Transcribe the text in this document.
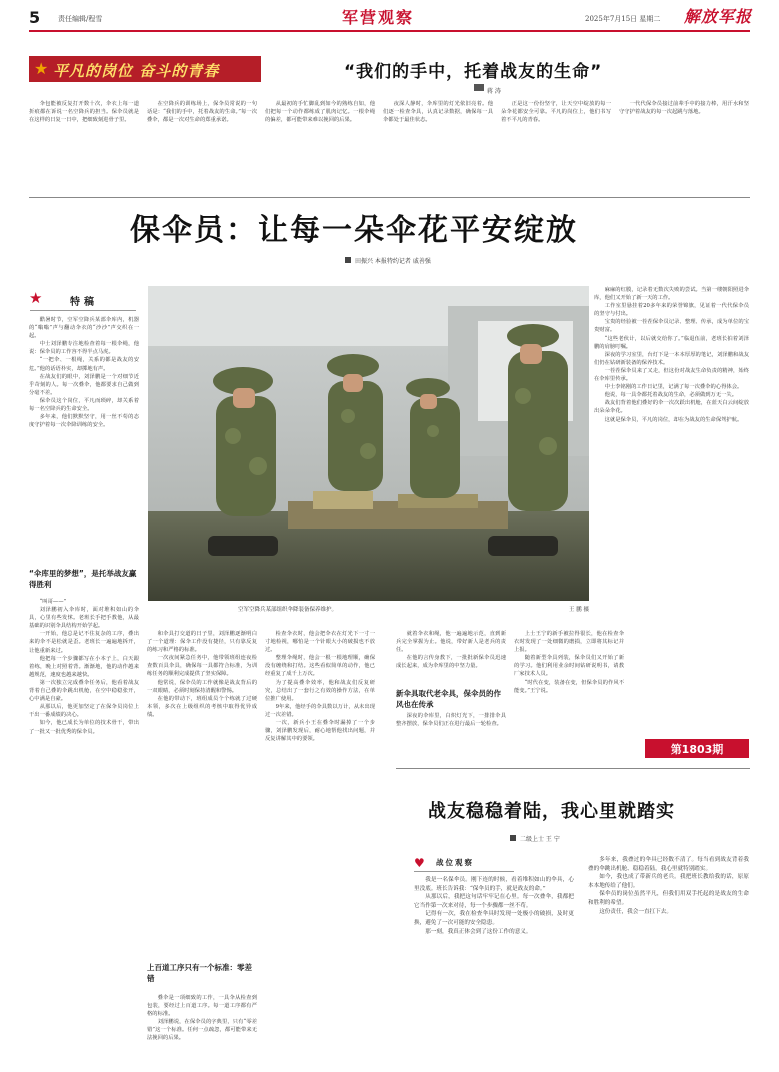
5	责任编辑/程雪	军营观察	2025年7月15日 星期二 解放军报
★ 平凡的岗位 奋斗的青春	“我们的手中，托着战友的生命”
蒋 涛

伞包能被反复打开数十次，伞衣上每一道折痕都在诉说一名空降兵的担当。保伞员就是在这样的日复一日中，把细致刻进骨子里。

在空降兵的训练场上，保伞员常说的一句话是：“我们的手中，托着战友的生命。”每一次叠伞，都是一次对生命的郑重承诺。

从最初的手忙脚乱到如今的熟练自如，他们把每一个动作都练成了肌肉记忆。一根伞绳的偏差，都可能带来难以挽回的后果。

夜深人静时，伞库里的灯光依旧亮着。他们逐一检查伞具，认真记录数据，确保每一具伞都处于最佳状态。

正是这一份份坚守，让天空中绽放的每一朵伞花都安全可靠。平凡的岗位上，他们书写着不平凡的青春。

一代代保伞员接过前辈手中的接力棒，用汗水和坚守守护着战友的每一次起跳与落地。

保伞员：让每一朵伞花平安绽放
田振兴 本报特约记者 戚善强
★	特稿

酷暑时节，空军空降兵某部伞库内，机器的“嗡嗡”声与翻动伞衣的“沙沙”声交织在一起。

中士刘泽鹏专注地检查着每一根伞绳，他说：保伞员的工作容不得半点马虎。

“一把伞、一根绳，关系的都是战友的安危。”他的话语朴实，却掷地有声。

在战友们的眼中，刘泽鹏是一个对细节近乎苛刻的人。每一次叠伞，他都要求自己做到分毫不差。

保伞员这个岗位，平凡而琐碎，却关系着每一名空降兵的生命安全。

多年来，他们默默坚守，用一丝不苟的态度守护着每一次伞降训练的安全。

“伞库里的梦想”，是托举战友赢得胜利

“叫哥——”

刘泽鹏初入伞库时，面对堆积如山的伞具，心里有些发怵。老班长手把手教他，从最基础的识别伞具结构开始学起。

一开始，他总是记不住复杂的工序，叠出来的伞不是松就是歪。老班长一遍遍地拆开，让他重新来过。

他把每一个步骤都写在小本子上，白天跟着练，晚上对照着背。渐渐地，他的动作越来越规范，速度也越来越快。

第一次独立完成叠伞任务后，他看着战友背着自己叠的伞跳出机舱，在空中稳稳张开，心中满是自豪。

从那以后，他更加坚定了在保伞员岗位上干出一番成绩的决心。

如今，他已成长为单位的技术骨干，带出了一批又一批优秀的保伞员。

空军空降兵某部组织伞降装备保养维护。	王 鹏 摄

和伞具打交道的日子里，刘泽鹏逐渐明白了一个道理：保伞工作没有捷径，只有靠反复的练习和严格的标准。

一次夜间紧急任务中，他带领班组连夜检查数百具伞具，确保每一具都符合标准，为训练任务的顺利完成提供了坚实保障。

他常说，保伞员的工作就像是战友背后的一双眼睛，必须时刻保持清醒和警惕。

在他的带动下，班组成员个个练就了过硬本领，多次在上级组织的考核中取得优异成绩。

上百道工序只有一个标准：零差错

叠伞是一项细致的工作，一具伞从检查到包装，要经过上百道工序。每一道工序都有严格的标准。

刘泽鹏说，在保伞员的字典里，只有“零差错”这一个标准。任何一点疏忽，都可能带来无法挽回的后果。

检查伞衣时，他会把伞衣在灯光下一寸一寸地检视，哪怕是一个针眼大小的破损也不放过。

整理伞绳时，他会一根一根地理顺，确保没有缠绕和打结。这些看似简单的动作，他已经重复了成千上万次。

为了提高叠伞效率，他和战友们反复研究，总结出了一套行之有效的操作方法，在单位推广使用。

9年来，他经手的伞具数以万计，从未出现过一次差错。

一次，新兵小王在叠伞时漏掉了一个步骤，刘泽鹏发现后，耐心地帮他找出问题，并反复讲解其中的要领。

就着伞衣和绳，他一遍遍地示范，直到新兵完全掌握为止。他说，带好新人是老兵的责任。

在他的言传身教下，一批批新保伞员迅速成长起来，成为伞库里的中坚力量。

新伞具取代老伞具，保伞员的作风也在传承

深夜的伞库里，白炽灯光下，一排排伞具整齐摆放，保伞员们正在进行最后一轮检查。

上士王宁的新手被拉得很长，他在检查伞衣时发现了一处细微的磨损，立即将其标记并上报。

随着新型伞具列装，保伞员们又开始了新的学习。他们利用业余时间钻研说明书，请教厂家技术人员。

“时代在变，装备在变，但保伞员的作风不能变。”王宁说。

麻麻的红膜，记录着无数次失败的尝试。当第一缕朝阳照进伞库，他们又开始了新一天的工作。

工作室里悬挂着20多年来的荣誉锦旗，见证着一代代保伞员的坚守与付出。

宝贵的经验被一茬茬保伞员记录、整理、传承，成为单位的宝贵财富。

“这些老伙计，以后就交给你了。”临退伍前，老班长拍着刘泽鹏的肩膀叮嘱。

深夜的学习室里，台灯下是一本本厚厚的笔记，刘泽鹏和战友们仍在钻研新装备的保养技术。

一茬茬保伞员来了又走，但这份对战友生命负责的精神，始终在伞库里传承。

中士李铭刚的工作日记里，记满了每一次叠伞的心得体会。

他说，每一具伞都托着战友的生命，必须做到万无一失。

战友们背着他们叠好的伞一次次跃出机舱，在蓝天白云间绽放出朵朵伞花。

这就是保伞员，平凡的岗位，却在为战友的生命保驾护航。

第1803期
战友稳稳着陆，我心里就踏实
二级上士 王 宁
♥ 战位观察

我是一名保伞员。刚下连的时候，看着堆积如山的伞具，心里没底。班长告诉我：“保伞员的手，就是战友的命。”

从那以后，我把这句话牢牢记在心里。每一次叠伞，我都把它当作第一次来对待，每一个步骤都一丝不苟。

记得有一次，我在检查伞具时发现一处极小的破损，及时更换，避免了一次可能的安全隐患。

那一刻，我真正体会到了这份工作的意义。

多年来，我叠过的伞具已经数不清了。每当看到战友背着我叠的伞跳出机舱、稳稳着陆，我心里就特别踏实。

如今，我也成了带新兵的老兵。我把班长教给我的话，原原本本地传给了他们。

保伞员的岗位虽然平凡，但我们用双手托起的是战友的生命和胜利的希望。

这份责任，我会一直扛下去。
